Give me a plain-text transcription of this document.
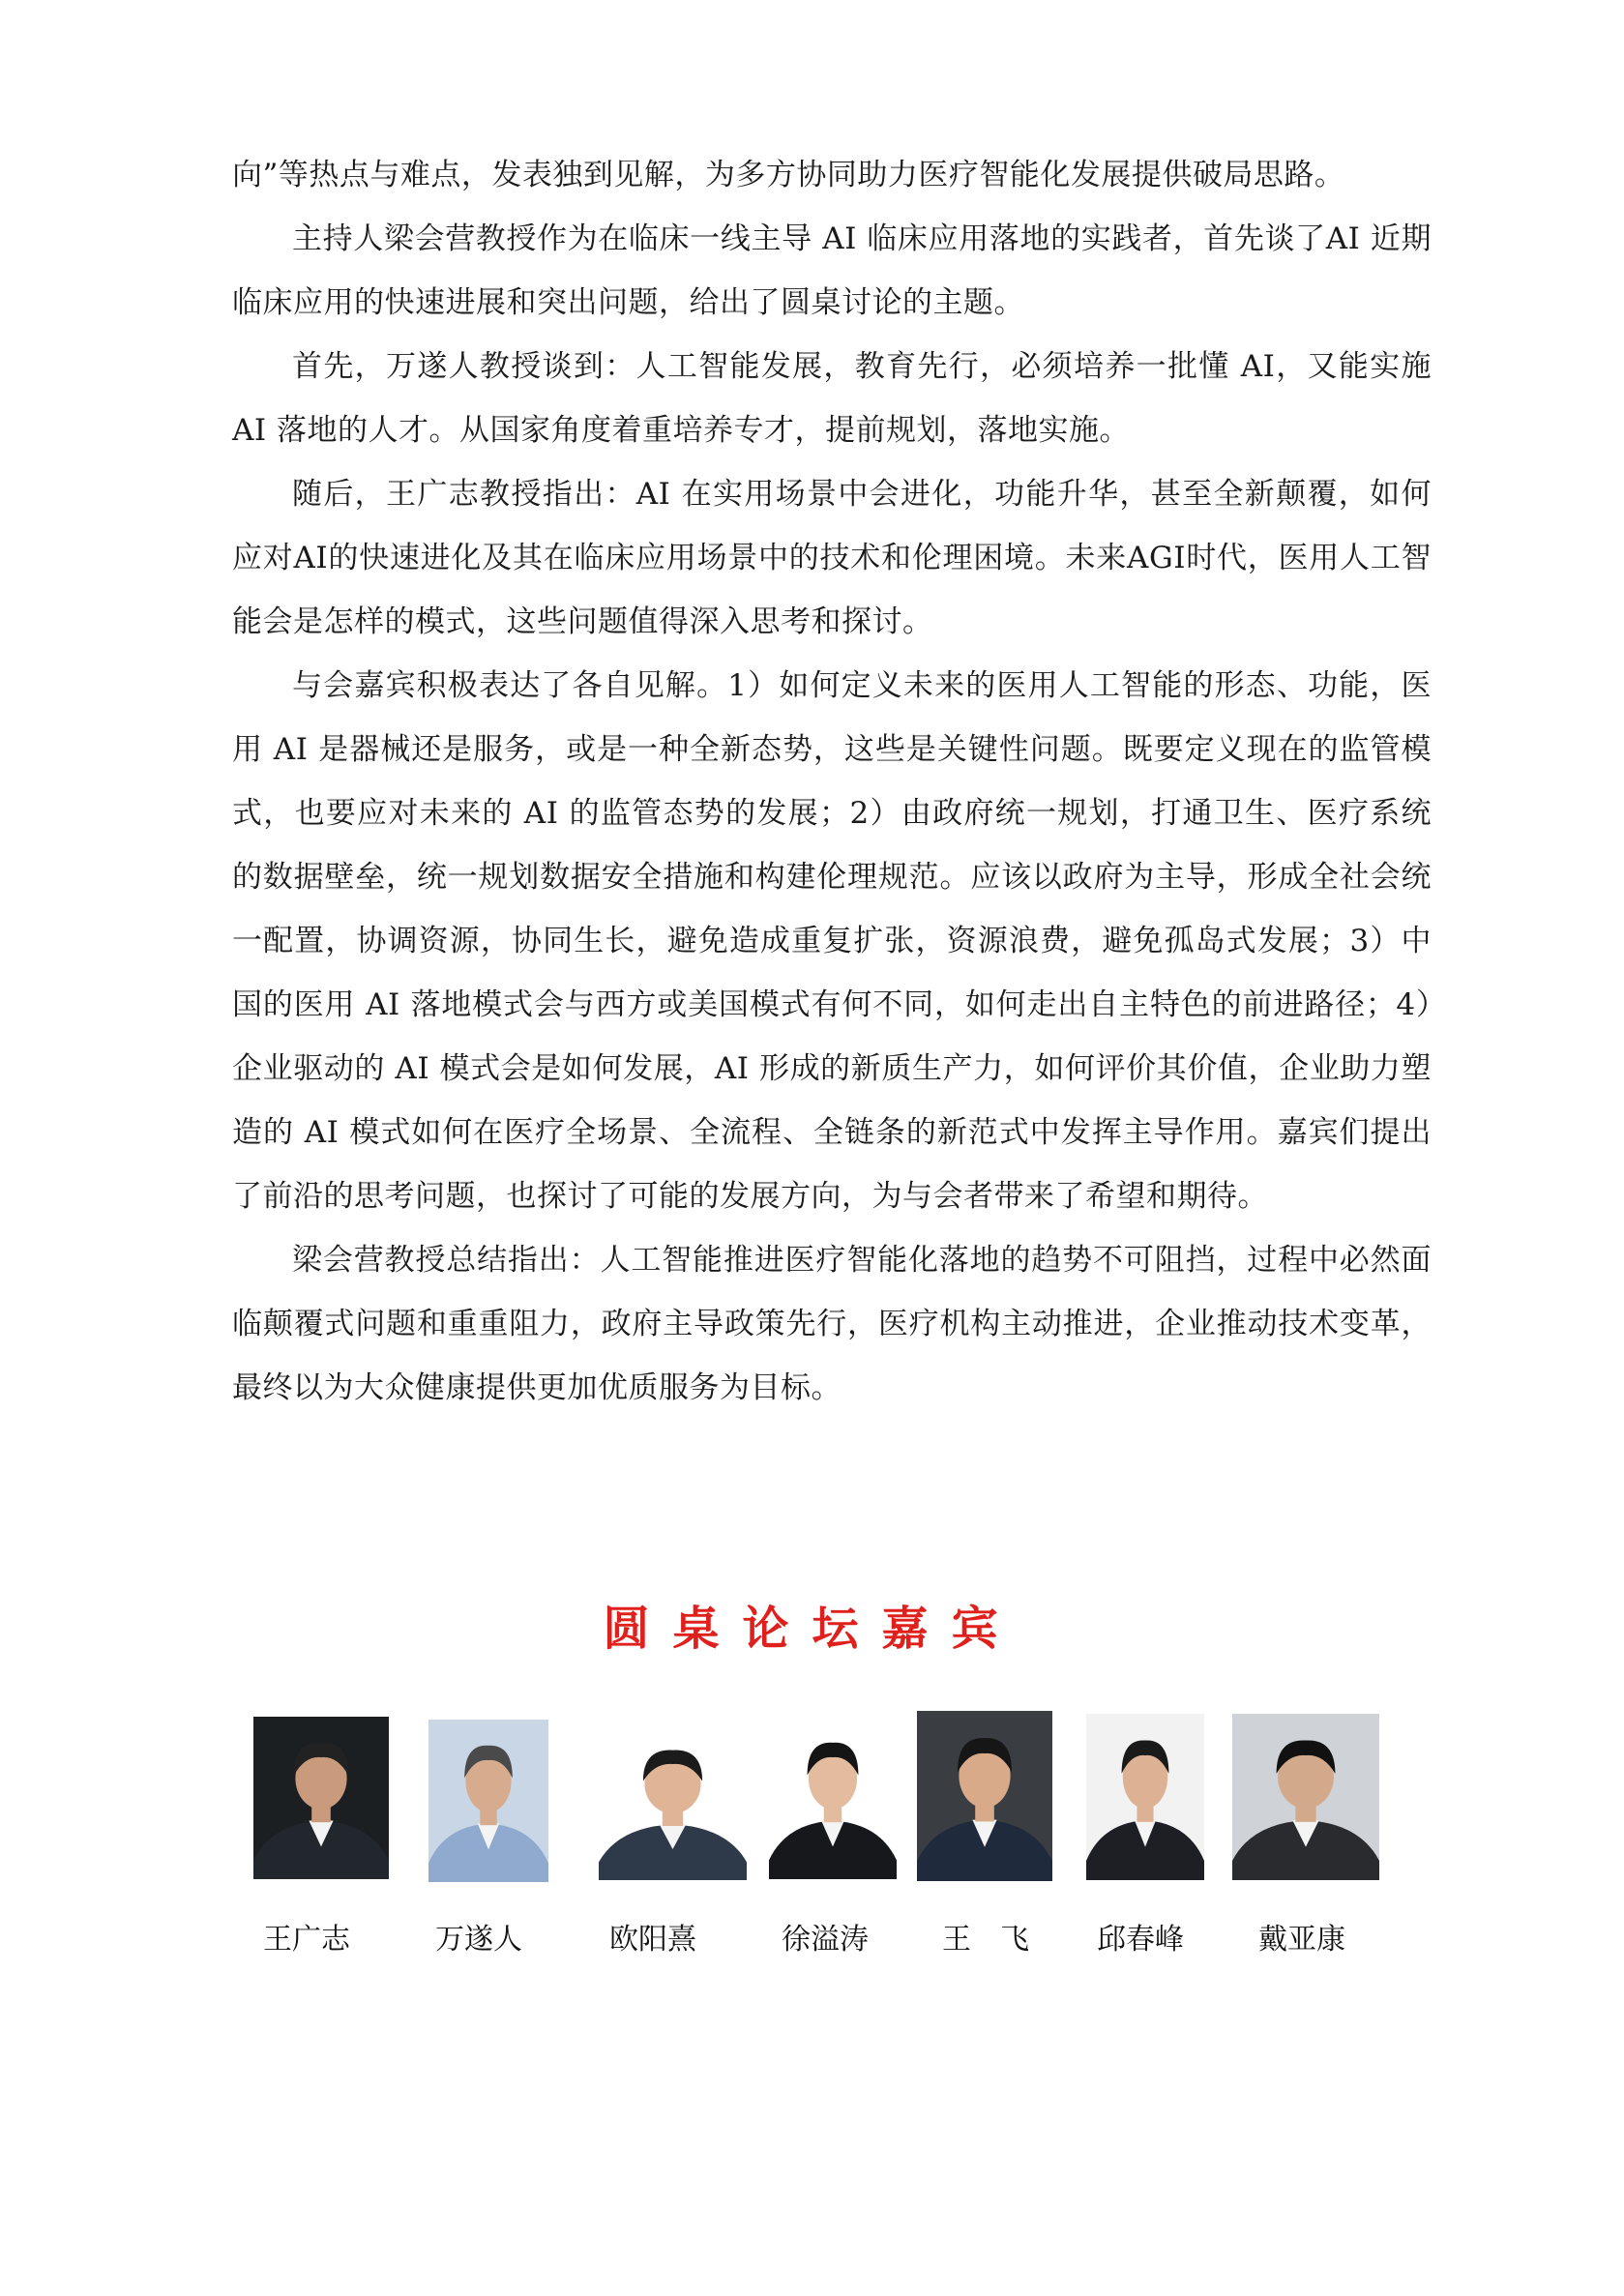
向”等热点与难点，发表独到见解，为多方协同助力医疗智能化发展提供破局思路。

主持人梁会营教授作为在临床一线主导 AI 临床应用落地的实践者，首先谈了AI 近期临床应用的快速进展和突出问题，给出了圆桌讨论的主题。

首先，万遂人教授谈到：人工智能发展，教育先行，必须培养一批懂 AI，又能实施 AI 落地的人才。从国家角度着重培养专才，提前规划，落地实施。

随后，王广志教授指出：AI 在实用场景中会进化，功能升华，甚至全新颠覆，如何应对AI的快速进化及其在临床应用场景中的技术和伦理困境。未来AGI时代，医用人工智能会是怎样的模式，这些问题值得深入思考和探讨。

与会嘉宾积极表达了各自见解。1）如何定义未来的医用人工智能的形态、功能，医用 AI 是器械还是服务，或是一种全新态势，这些是关键性问题。既要定义现在的监管模式，也要应对未来的 AI 的监管态势的发展；2）由政府统一规划，打通卫生、医疗系统的数据壁垒，统一规划数据安全措施和构建伦理规范。应该以政府为主导，形成全社会统一配置，协调资源，协同生长，避免造成重复扩张，资源浪费，避免孤岛式发展；3）中国的医用 AI 落地模式会与西方或美国模式有何不同，如何走出自主特色的前进路径；4）企业驱动的 AI 模式会是如何发展，AI 形成的新质生产力，如何评价其价值，企业助力塑造的 AI 模式如何在医疗全场景、全流程、全链条的新范式中发挥主导作用。嘉宾们提出了前沿的思考问题，也探讨了可能的发展方向，为与会者带来了希望和期待。

梁会营教授总结指出：人工智能推进医疗智能化落地的趋势不可阻挡，过程中必然面临颠覆式问题和重重阻力，政府主导政策先行，医疗机构主动推进，企业推动技术变革，最终以为大众健康提供更加优质服务为目标。

圆桌论坛嘉宾
王广志	万遂人	欧阳熹	徐溢涛	王　飞	邱春峰	戴亚康
